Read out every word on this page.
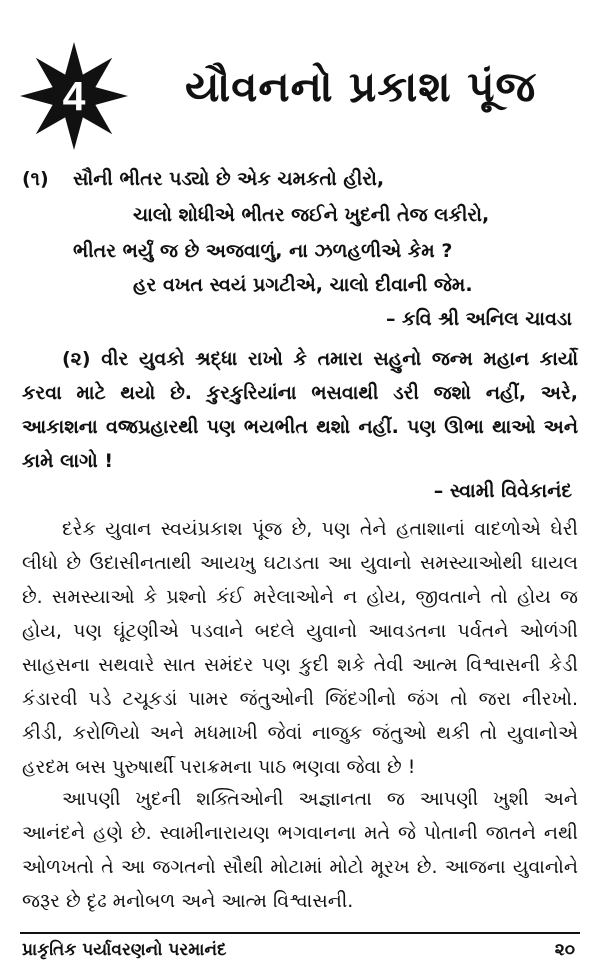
4 યૌવનનો પ્રકાશ પૂંજ
(૧) સૌની ભીતર પડ્યો છે એક ચમકતો હીરો,
ચાલો શોધીએ ભીતર જઈને ખુદની તેજ લકીરો,
ભીતર ભર્યું જ છે અજવાળું, ના ઝળહળીએ કેમ ?
હર વખત સ્વયં પ્રગટીએ, ચાલો દીવાની જેમ.
– કવિ શ્રી અનિલ ચાવડા
(૨) વીર યુવકો શ્રદ્ધા રાખો કે તમારા સહુનો જન્મ મહાન કાર્યો કરવા માટે થયો છે. કુરકુરિયાંના ભસવાથી ડરી જશો નહીં, અરે, આકાશના વજ્રપ્રહારથી પણ ભયભીત થશો નહીં. પણ ઊભા થાઓ અને કામે લાગો !
– સ્વામી વિવેકાનંદ
દરેક યુવાન સ્વયંપ્રકાશ પૂંજ છે, પણ તેને હતાશાનાં વાદળોએ ઘેરી લીધો છે ઉદાસીનતાથી આયખુ ઘટાડતા આ યુવાનો સમસ્યાઓથી ઘાયલ છે. સમસ્યાઓ કે પ્રશ્નો કંઈ મરેલાઓને ન હોય, જીવતાને તો હોય જ હોય, પણ ઘૂંટણીએ પડવાને બદલે યુવાનો આવડતના પર્વતને ઓળંગી સાહસના સથવારે સાત સમંદર પણ કુદી શકે તેવી આત્મ વિશ્વાસની કેડી કંડારવી પડે ટચૂકડાં પામર જંતુઓની જિંદગીનો જંગ તો જરા નીરખો. કીડી, કરોળિયો અને મધમાખી જેવાં નાજુક જંતુઓ થકી તો યુવાનોએ હરદમ બસ પુરુષાર્થી પરાક્રમના પાઠ ભણવા જેવા છે !
આપણી ખુદની શક્તિઓની અજ્ઞાનતા જ આપણી ખુશી અને આનંદને હણે છે. સ્વામીનારાયણ ભગવાનના મતે જે પોતાની જાતને નથી ઓળખતો તે આ જગતનો સૌથી મોટામાં મોટો મૂરખ છે. આજના યુવાનોને જરૂર છે દૃઢ મનોબળ અને આત્મ વિશ્વાસની.
પ્રાકૃતિક પર્યાવરણનો પરમાનંદ	૨૦
